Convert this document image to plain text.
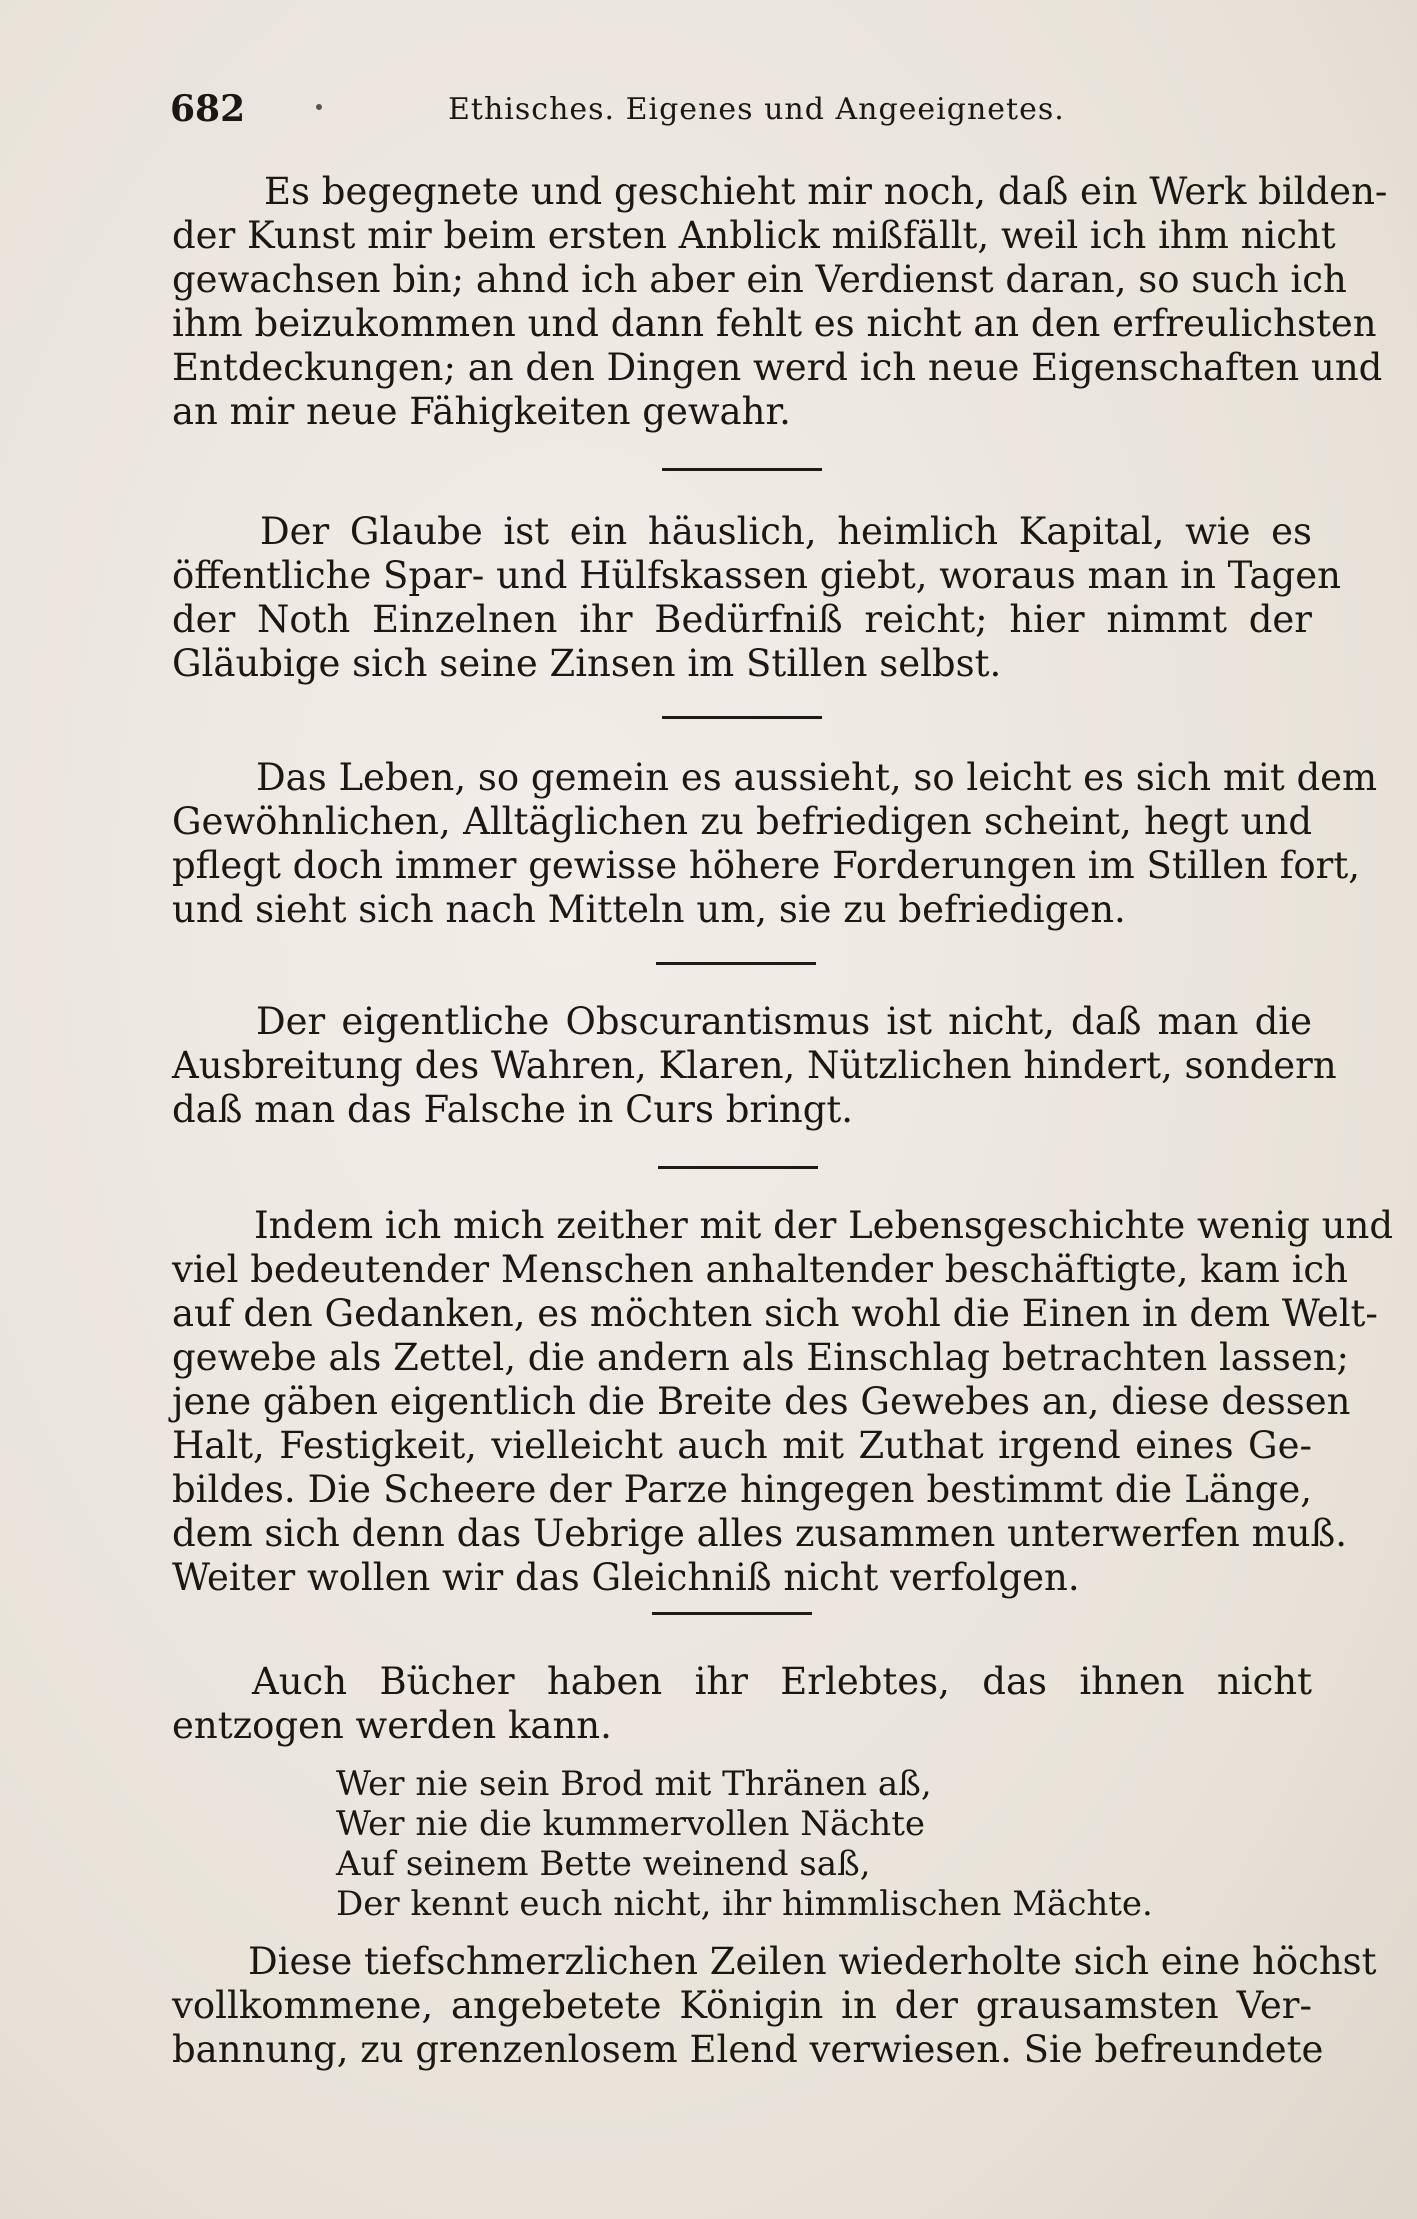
682	Ethisches. Eigenes und Angeeignetes.
Es begegnete und geschieht mir noch, daß ein Werk bilden-
der Kunst mir beim ersten Anblick mißfällt, weil ich ihm nicht
gewachsen bin; ahnd ich aber ein Verdienst daran, so such ich
ihm beizukommen und dann fehlt es nicht an den erfreulichsten
Entdeckungen; an den Dingen werd ich neue Eigenschaften und
an mir neue Fähigkeiten gewahr.
Der Glaube ist ein häuslich, heimlich Kapital, wie es
öffentliche Spar- und Hülfskassen giebt, woraus man in Tagen
der Noth Einzelnen ihr Bedürfniß reicht; hier nimmt der
Gläubige sich seine Zinsen im Stillen selbst.
Das Leben, so gemein es aussieht, so leicht es sich mit dem
Gewöhnlichen, Alltäglichen zu befriedigen scheint, hegt und
pflegt doch immer gewisse höhere Forderungen im Stillen fort,
und sieht sich nach Mitteln um, sie zu befriedigen.
Der eigentliche Obscurantismus ist nicht, daß man die
Ausbreitung des Wahren, Klaren, Nützlichen hindert, sondern
daß man das Falsche in Curs bringt.
Indem ich mich zeither mit der Lebensgeschichte wenig und
viel bedeutender Menschen anhaltender beschäftigte, kam ich
auf den Gedanken, es möchten sich wohl die Einen in dem Welt-
gewebe als Zettel, die andern als Einschlag betrachten lassen;
jene gäben eigentlich die Breite des Gewebes an, diese dessen
Halt, Festigkeit, vielleicht auch mit Zuthat irgend eines Ge-
bildes. Die Scheere der Parze hingegen bestimmt die Länge,
dem sich denn das Uebrige alles zusammen unterwerfen muß.
Weiter wollen wir das Gleichniß nicht verfolgen.
Auch Bücher haben ihr Erlebtes, das ihnen nicht
entzogen werden kann.
Wer nie sein Brod mit Thränen aß,
Wer nie die kummervollen Nächte
Auf seinem Bette weinend saß,
Der kennt euch nicht, ihr himmlischen Mächte.
Diese tiefschmerzlichen Zeilen wiederholte sich eine höchst
vollkommene, angebetete Königin in der grausamsten Ver-
bannung, zu grenzenlosem Elend verwiesen. Sie befreundete
